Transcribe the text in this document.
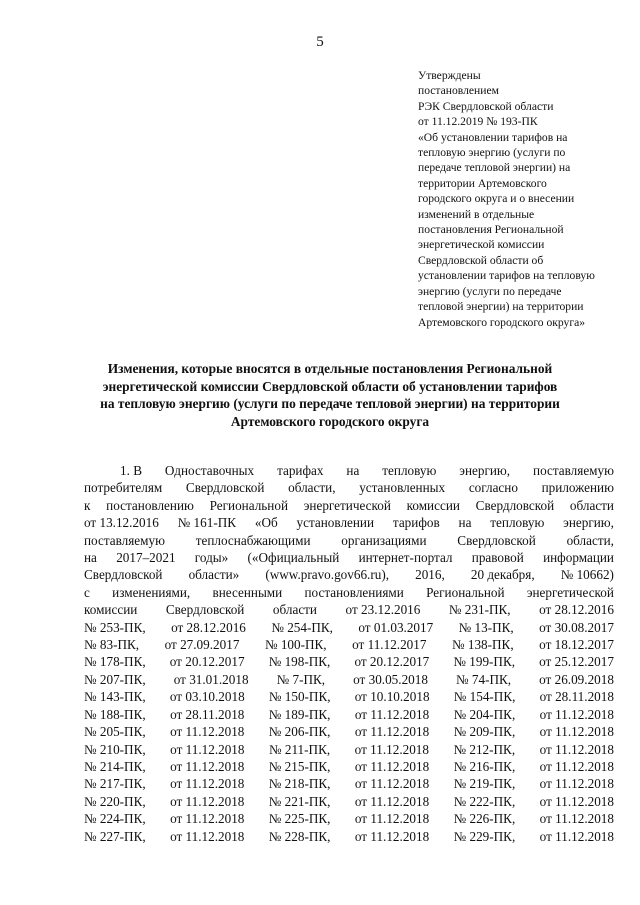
5
Утверждены
постановлением
РЭК Свердловской области
от 11.12.2019 № 193-ПК
«Об установлении тарифов на
тепловую энергию (услуги по
передаче тепловой энергии) на
территории Артемовского
городского округа и о внесении
изменений в отдельные
постановления Региональной
энергетической комиссии
Свердловской области об
установлении тарифов на тепловую
энергию (услуги по передаче
тепловой энергии) на территории
Артемовского городского округа»
Изменения, которые вносятся в отдельные постановления Региональной
энергетической комиссии Свердловской области об установлении тарифов
на тепловую энергию (услуги по передаче тепловой энергии) на территории
Артемовского городского округа
1. В Одноставочных тарифах на тепловую энергию, поставляемую
потребителям Свердловской области, установленных согласно приложению
к постановлению Региональной энергетической комиссии Свердловской области
от 13.12.2016 № 161-ПК «Об установлении тарифов на тепловую энергию,
поставляемую теплоснабжающими организациями Свердловской области,
на 2017–2021 годы» («Официальный интернет-портал правовой информации
Свердловской области» (www.pravo.gov66.ru), 2016, 20 декабря, № 10662)
с изменениями, внесенными постановлениями Региональной энергетической
комиссии Свердловской области от 23.12.2016 № 231-ПК, от 28.12.2016
№ 253-ПК, от 28.12.2016 № 254-ПК, от 01.03.2017 № 13-ПК, от 30.08.2017
№ 83-ПК, от 27.09.2017 № 100-ПК, от 11.12.2017 № 138-ПК, от 18.12.2017
№ 178-ПК, от 20.12.2017 № 198-ПК, от 20.12.2017 № 199-ПК, от 25.12.2017
№ 207-ПК, от 31.01.2018 № 7-ПК, от 30.05.2018 № 74-ПК, от 26.09.2018
№ 143-ПК, от 03.10.2018 № 150-ПК, от 10.10.2018 № 154-ПК, от 28.11.2018
№ 188-ПК, от 28.11.2018 № 189-ПК, от 11.12.2018 № 204-ПК, от 11.12.2018
№ 205-ПК, от 11.12.2018 № 206-ПК, от 11.12.2018 № 209-ПК, от 11.12.2018
№ 210-ПК, от 11.12.2018 № 211-ПК, от 11.12.2018 № 212-ПК, от 11.12.2018
№ 214-ПК, от 11.12.2018 № 215-ПК, от 11.12.2018 № 216-ПК, от 11.12.2018
№ 217-ПК, от 11.12.2018 № 218-ПК, от 11.12.2018 № 219-ПК, от 11.12.2018
№ 220-ПК, от 11.12.2018 № 221-ПК, от 11.12.2018 № 222-ПК, от 11.12.2018
№ 224-ПК, от 11.12.2018 № 225-ПК, от 11.12.2018 № 226-ПК, от 11.12.2018
№ 227-ПК, от 11.12.2018 № 228-ПК, от 11.12.2018 № 229-ПК, от 11.12.2018
